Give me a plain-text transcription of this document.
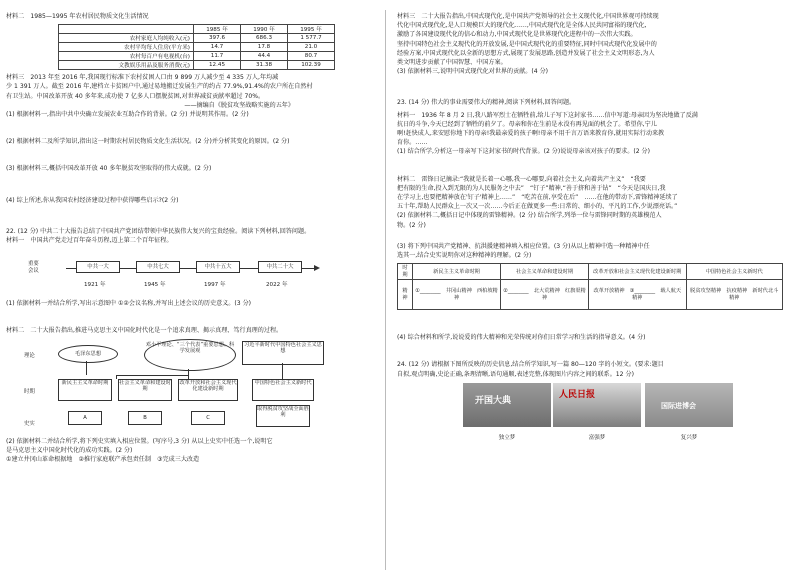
材料二　1985—1995 年农村居民物质文化生活情况

	1985 年	1990 年	1995 年
农村家庭人均纯收入(元)	397.6	686.3	1 577.7
农村平均每人住房(平方米)	14.7	17.8	21.0
农村每百户有电视机(台)	11.7	44.4	80.7
文教娱乐用品及服务消费(元)	12.45	31.38	102.39

材料三　2013 年至 2016 年,我国现行标准下农村贫困人口由 9 899 万人减少至 4 335 万人,年均减

少 1 391 万人。截至 2016 年,建档立卡贫困户中,通过易地搬迁发展生产的约占 77.9%,91.4%的农户所在自然村

有卫生站。中国改革开放 40 多年来,成功使 7 亿多人口摆脱贫困,对世界减贫贡献率超过 70%。

——摘编自《脱贫攻坚战略实施的五年》

(1) 根据材料一,指出中共中央确立发展农业互助合作的背景。(2 分) 并说明其作用。(2 分)

(2) 根据材料二及所学知识,指出这一时期农村居民物质文化生活状况。(2 分)并分析其变化的原因。(2 分)

(3) 根据材料三,概括中国改革开放 40 多年脱贫攻坚取得的伟大成就。(2 分)

(4) 综上所述,你从我国农村经济建设过程中获得哪些启示?(2 分)

22. (12 分) 中共二十大报告总结了中国共产党团结带领中华民族伟大复兴的宝贵经验。阅读下列材料,回答问题。

材料一　中国共产党走过百年奋斗历程,迈上第二个百年征程。

重要
会议
中共一大	中共七大	中共十五大	中共二十大
1921 年	1945 年	1997 年	2022 年

(1) 依据材料一并结合所学,写出示意图中 ①②会议名称,并写出上述会议的历史意义。(3 分)

材料二　二十大报告指出,推进马克思主义中国化时代化是一个追求真理、揭示真理、笃行真理的过程。

理论
时期
史实
毛泽东思想
邓小平理论、“三个代表”重要思想、科学发展观
习近平新时代中国特色社会主义思想
新民主主义革命时期	社会主义革命和建设时期
改革开放和社会主义现代化建设新时期
中国特色社会主义新时代
A	B	C
取得脱贫攻坚战全面胜利

(2) 依据材料二并结合所学,将下列史实填入相应位置。(写序号,3 分) 从以上史实中任选一个,说明它

是马克思主义中国化时代化的成功实践。(2 分)

①建立井冈山革命根据地　②推行家庭联产承包责任制　③完成三大改造

材料三　二十大报告指出,中国式现代化,是中国共产党领导的社会主义现代化,中国世界观可持续现

代化中国式现代化,是人口规模巨大的现代化……,中国式现代化是全体人民共同富裕的现代化,

激励了各国建设现代化的信心和动力,中国式现代化是世界现代化进程中的一次伟大实践。

坚持中国特色社会主义现代化的开放发展,是中国式现代化的重要特征,同时中国式现代化发展中的

经验方案,中国式现代化以全新的思想方式,展现了发展思路,创造并发展了社会主义文明形态,为人

类文明进步贡献了中国智慧、中国方案。

(3) 依据材料三,说明中国式现代化对世界的贡献。(4 分)

23. (14 分) 伟大的事业需要伟大的精神,阅读下列材料,回答问题。

材料一　1936 年 8 月 2 日,我八路军烈士在牺牲前,给儿子写下这封家书……信中写道:母亲因为坚决地做了反满

抗日的斗争,今天已经到了牺牲的前夕了。母亲和你在生前是永没有再见面的机会了。希望你,宁儿

啊!赶快成人,来安慰你地下的母亲!我最亲爱的孩子啊!母亲不用千言万语来教育你,就用实际行动来教

育你。……

(1) 结合所学,分析这一母亲写下这封家书的时代背景。(2 分)说说母亲该对孩子的要求。(2 分)

材料二　雷锋日记摘录:“我就是长着一心哪,我一心哪要,向着社会主义,向着共产主义”　“我要

把有限的生命,投入到无限的为人民服务之中去”　“钉子”精神,“善于挤和善于钻”　“今天是国庆日,我

在学习上,也要把精神放在'钉子'精神上……”　“吃苦在前,享受在后”　……在他的带动下,雷锋精神延续了

五十年,帮助人民群众上一次又一次……今后正在做更多一些:日常的、细小的、平凡的工作,少说漂亮话。”

(2) 依据材料二,概括日记中体现的雷锋精神。(2 分) 结合所学,列举一位与雷锋同时期的英雄模范人

物。(2 分)

(3) 将下列中国共产党精神、抗洪援建精神填入相应位置。(3 分)从以上精神中选一种精神中任

选其一,结合史实说明你对这种精神的理解。(2 分)

时期	新民主主义革命时期	社会主义革命和建设时期	改革开放和社会主义现代化建设新时期	中国特色社会主义新时代
精神	①________　井冈山精神　西柏坡精神	②________　北大荒精神　红旗渠精神	改革开放精神　③________　载人航天精神	脱贫攻坚精神　抗疫精神　新时代北斗精神

(4) 综合材料和所学,说说爱的伟大精神和光荣传统对你们日常学习和生活的指导意义。(4 分)

24. (12 分) 请根据下图所反映的历史信息,结合所学知识,写一篇 80—120 字的小短文。(要求:题目

自拟,观点明确,史论正确,条理清晰,语句通顺,表述完整,体现图片内容之间的联系。12 分)

开国大典
人民日报
国际进博会
独立梦	富强梦	复兴梦
